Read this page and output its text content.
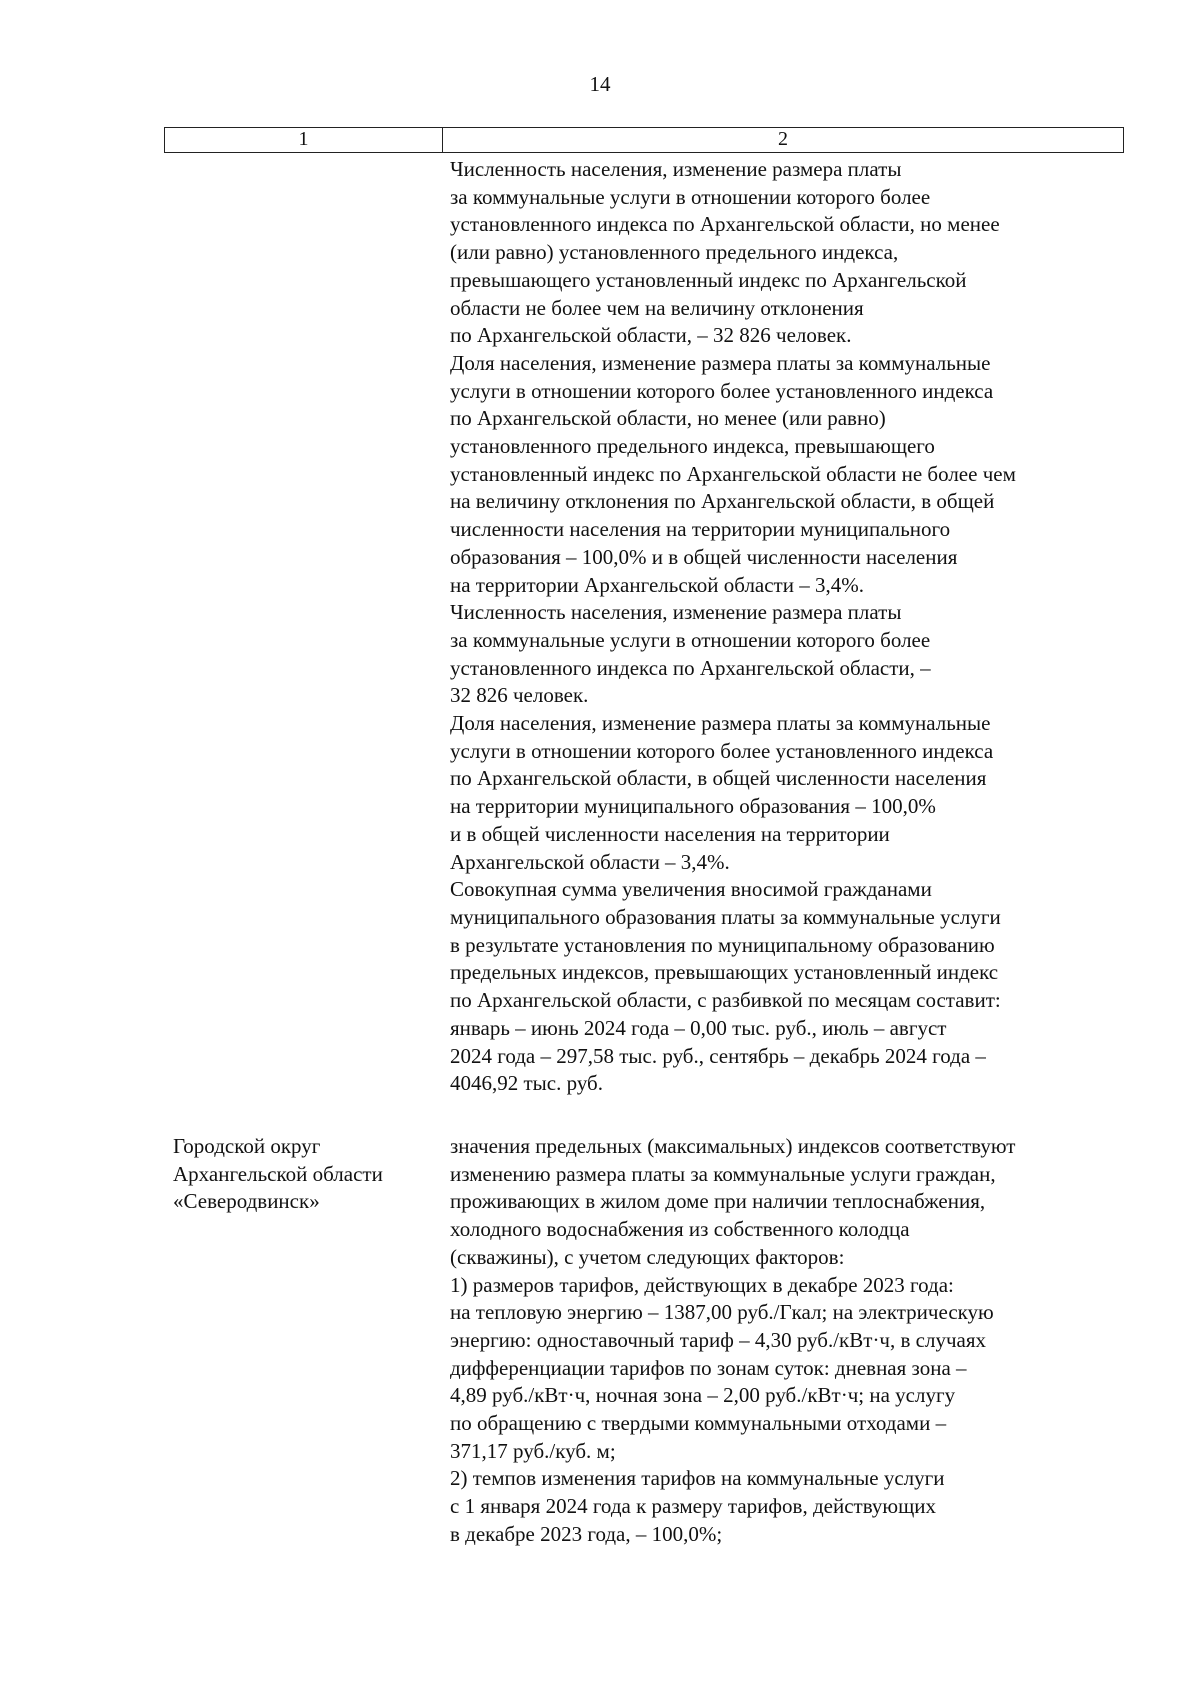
14
1	2
Численность населения, изменение размера платы
за коммунальные услуги в отношении которого более
установленного индекса по Архангельской области, но менее
(или равно) установленного предельного индекса,
превышающего установленный индекс по Архангельской
области не более чем на величину отклонения
по Архангельской области, – 32 826 человек.
Доля населения, изменение размера платы за коммунальные
услуги в отношении которого более установленного индекса
по Архангельской области, но менее (или равно)
установленного предельного индекса, превышающего
установленный индекс по Архангельской области не более чем
на величину отклонения по Архангельской области, в общей
численности населения на территории муниципального
образования – 100,0% и в общей численности населения
на территории Архангельской области – 3,4%.
Численность населения, изменение размера платы
за коммунальные услуги в отношении которого более
установленного индекса по Архангельской области, –
32 826 человек.
Доля населения, изменение размера платы за коммунальные
услуги в отношении которого более установленного индекса
по Архангельской области, в общей численности населения
на территории муниципального образования – 100,0%
и в общей численности населения на территории
Архангельской области – 3,4%.
Совокупная сумма увеличения вносимой гражданами
муниципального образования платы за коммунальные услуги
в результате установления по муниципальному образованию
предельных индексов, превышающих установленный индекс
по Архангельской области, с разбивкой по месяцам составит:
январь – июнь 2024 года – 0,00 тыс. руб., июль – август
2024 года – 297,58 тыс. руб., сентябрь – декабрь 2024 года –
4046,92 тыс. руб.
Городской округ
Архангельской области
«Северодвинск»
значения предельных (максимальных) индексов соответствуют
изменению размера платы за коммунальные услуги граждан,
проживающих в жилом доме при наличии теплоснабжения,
холодного водоснабжения из собственного колодца
(скважины), с учетом следующих факторов:
1) размеров тарифов, действующих в декабре 2023 года:
на тепловую энергию – 1387,00 руб./Гкал; на электрическую
энергию: одноставочный тариф – 4,30 руб./кВт·ч, в случаях
дифференциации тарифов по зонам суток: дневная зона –
4,89 руб./кВт·ч, ночная зона – 2,00 руб./кВт·ч; на услугу
по обращению с твердыми коммунальными отходами –
371,17 руб./куб. м;
2) темпов изменения тарифов на коммунальные услуги
с 1 января 2024 года к размеру тарифов, действующих
в декабре 2023 года, – 100,0%;
